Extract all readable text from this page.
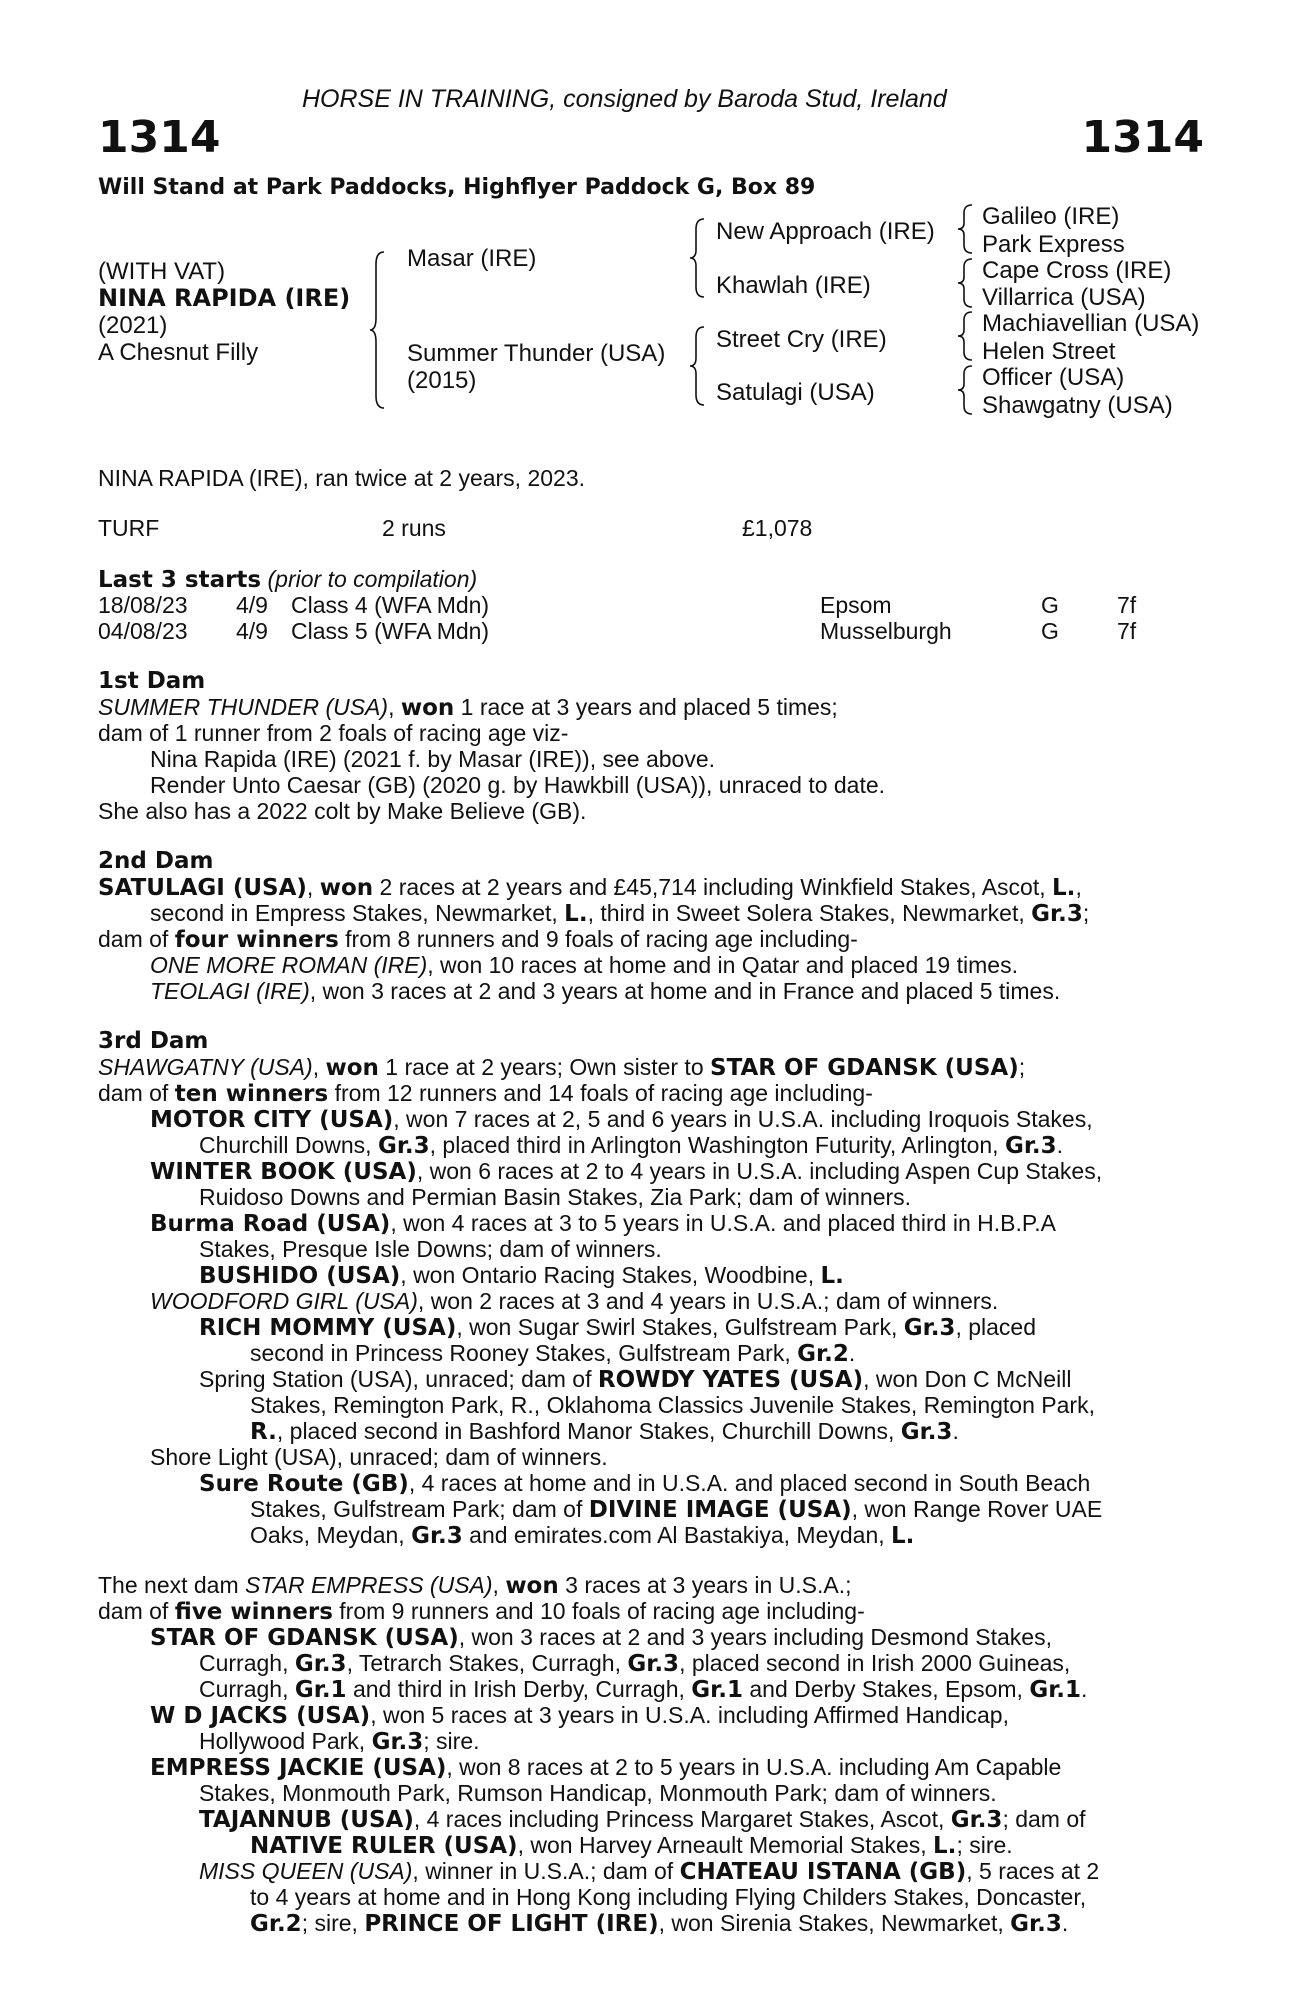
HORSE IN TRAINING, consigned by Baroda Stud, Ireland
1314	1314
Will Stand at Park Paddocks, Highflyer Paddock G, Box 89
(WITH VAT)
NINA RAPIDA (IRE)
(2021)
A Chesnut Filly
Masar (IRE)
Summer Thunder (USA)
(2015)
New Approach (IRE)
Khawlah (IRE)
Street Cry (IRE)
Satulagi (USA)
Galileo (IRE)
Park Express
Cape Cross (IRE)
Villarrica (USA)
Machiavellian (USA)
Helen Street
Officer (USA)
Shawgatny (USA)
NINA RAPIDA (IRE), ran twice at 2 years, 2023.
TURF	2 runs	£1,078
Last 3 starts (prior to compilation)
18/08/23 4/9 Class 4 (WFA Mdn)	Epsom	G	7f
04/08/23 4/9 Class 5 (WFA Mdn)	Musselburgh	G	7f
1st Dam
SUMMER THUNDER (USA), won 1 race at 3 years and placed 5 times;
dam of 1 runner from 2 foals of racing age viz-
Nina Rapida (IRE) (2021 f. by Masar (IRE)), see above.
Render Unto Caesar (GB) (2020 g. by Hawkbill (USA)), unraced to date.
She also has a 2022 colt by Make Believe (GB).
2nd Dam
SATULAGI (USA), won 2 races at 2 years and £45,714 including Winkfield Stakes, Ascot, L.,
second in Empress Stakes, Newmarket, L., third in Sweet Solera Stakes, Newmarket, Gr.3;
dam of four winners from 8 runners and 9 foals of racing age including-
ONE MORE ROMAN (IRE), won 10 races at home and in Qatar and placed 19 times.
TEOLAGI (IRE), won 3 races at 2 and 3 years at home and in France and placed 5 times.
3rd Dam
SHAWGATNY (USA), won 1 race at 2 years; Own sister to STAR OF GDANSK (USA);
dam of ten winners from 12 runners and 14 foals of racing age including-
MOTOR CITY (USA), won 7 races at 2, 5 and 6 years in U.S.A. including Iroquois Stakes,
Churchill Downs, Gr.3, placed third in Arlington Washington Futurity, Arlington, Gr.3.
WINTER BOOK (USA), won 6 races at 2 to 4 years in U.S.A. including Aspen Cup Stakes,
Ruidoso Downs and Permian Basin Stakes, Zia Park; dam of winners.
Burma Road (USA), won 4 races at 3 to 5 years in U.S.A. and placed third in H.B.P.A
Stakes, Presque Isle Downs; dam of winners.
BUSHIDO (USA), won Ontario Racing Stakes, Woodbine, L.
WOODFORD GIRL (USA), won 2 races at 3 and 4 years in U.S.A.; dam of winners.
RICH MOMMY (USA), won Sugar Swirl Stakes, Gulfstream Park, Gr.3, placed
second in Princess Rooney Stakes, Gulfstream Park, Gr.2.
Spring Station (USA), unraced; dam of ROWDY YATES (USA), won Don C McNeill
Stakes, Remington Park, R., Oklahoma Classics Juvenile Stakes, Remington Park,
R., placed second in Bashford Manor Stakes, Churchill Downs, Gr.3.
Shore Light (USA), unraced; dam of winners.
Sure Route (GB), 4 races at home and in U.S.A. and placed second in South Beach
Stakes, Gulfstream Park; dam of DIVINE IMAGE (USA), won Range Rover UAE
Oaks, Meydan, Gr.3 and emirates.com Al Bastakiya, Meydan, L.
The next dam STAR EMPRESS (USA), won 3 races at 3 years in U.S.A.;
dam of five winners from 9 runners and 10 foals of racing age including-
STAR OF GDANSK (USA), won 3 races at 2 and 3 years including Desmond Stakes,
Curragh, Gr.3, Tetrarch Stakes, Curragh, Gr.3, placed second in Irish 2000 Guineas,
Curragh, Gr.1 and third in Irish Derby, Curragh, Gr.1 and Derby Stakes, Epsom, Gr.1.
W D JACKS (USA), won 5 races at 3 years in U.S.A. including Affirmed Handicap,
Hollywood Park, Gr.3; sire.
EMPRESS JACKIE (USA), won 8 races at 2 to 5 years in U.S.A. including Am Capable
Stakes, Monmouth Park, Rumson Handicap, Monmouth Park; dam of winners.
TAJANNUB (USA), 4 races including Princess Margaret Stakes, Ascot, Gr.3; dam of
NATIVE RULER (USA), won Harvey Arneault Memorial Stakes, L.; sire.
MISS QUEEN (USA), winner in U.S.A.; dam of CHATEAU ISTANA (GB), 5 races at 2
to 4 years at home and in Hong Kong including Flying Childers Stakes, Doncaster,
Gr.2; sire, PRINCE OF LIGHT (IRE), won Sirenia Stakes, Newmarket, Gr.3.
